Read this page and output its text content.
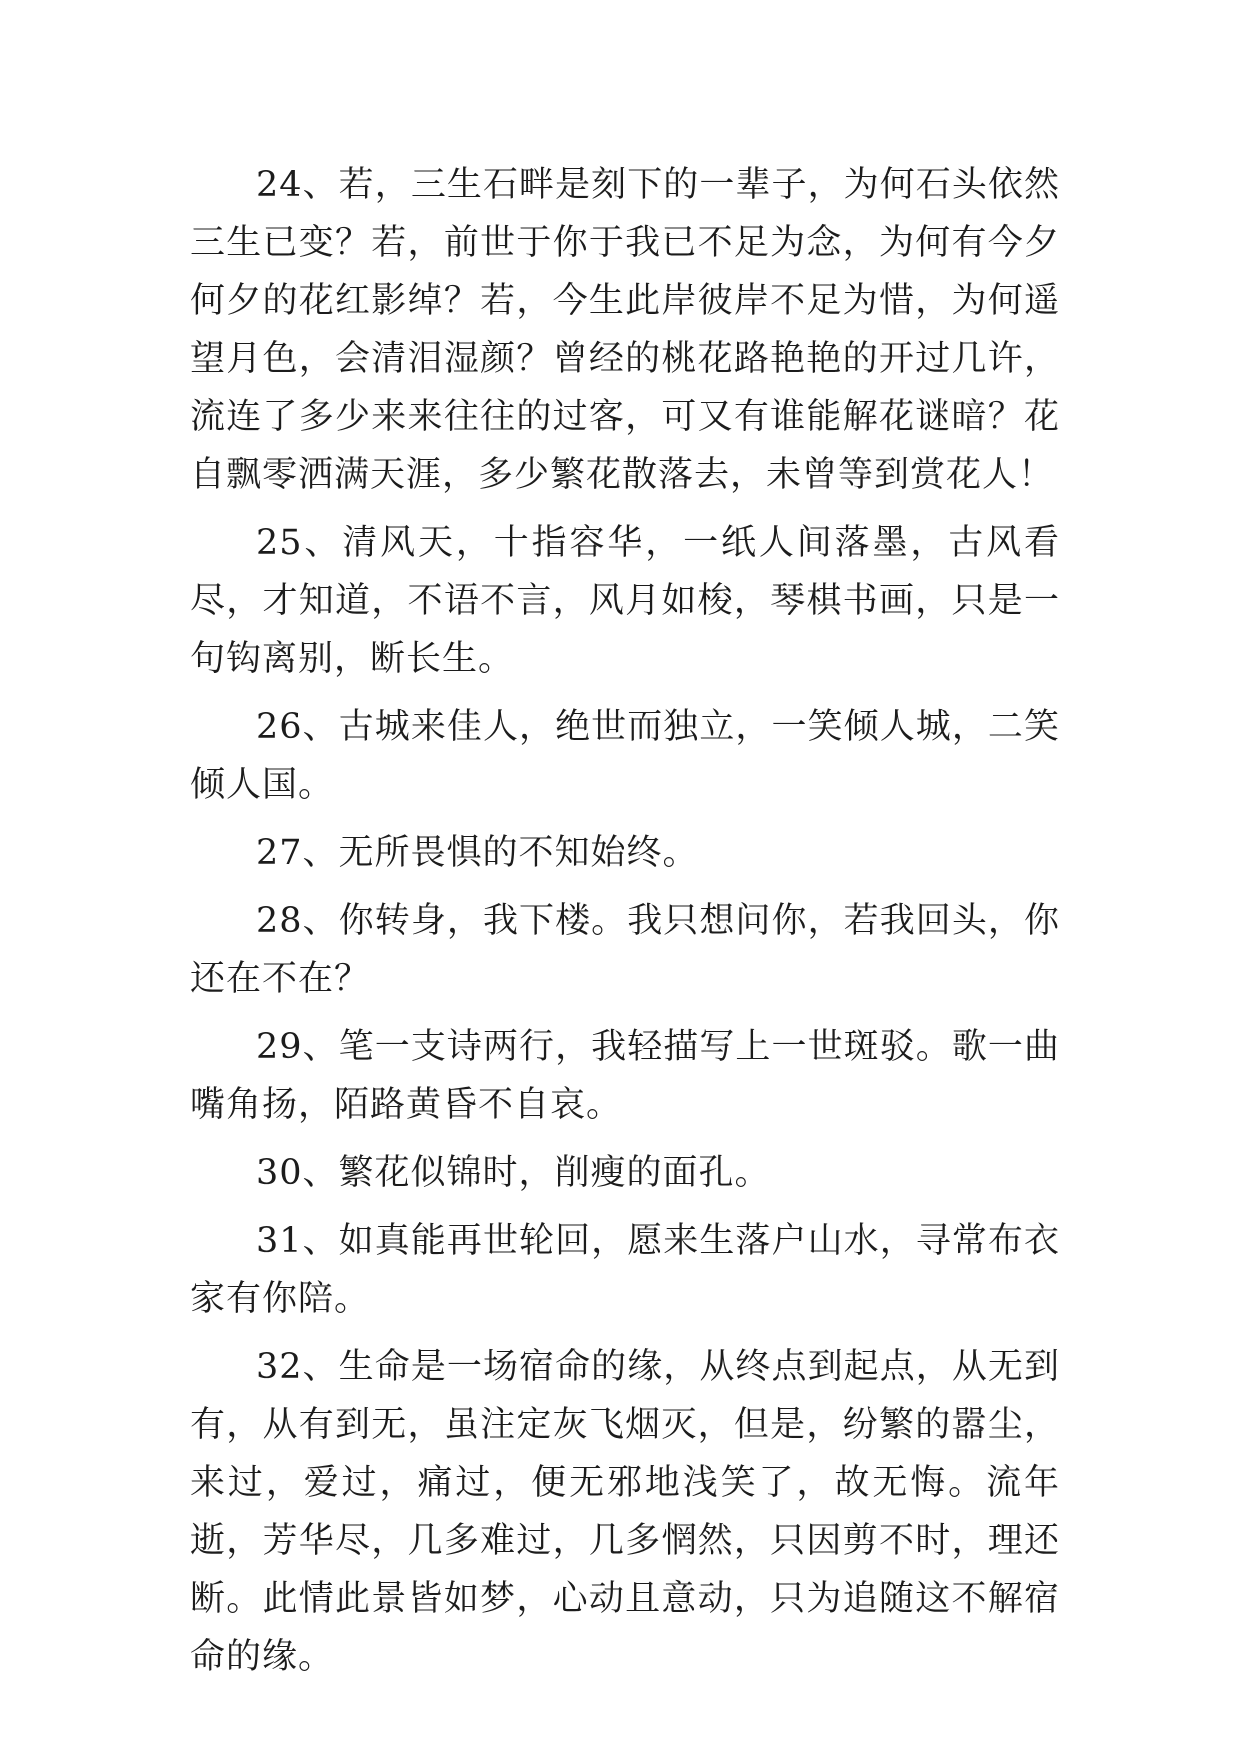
24、若，三生石畔是刻下的一辈子，为何石头依然三生已变？若，前世于你于我已不足为念，为何有今夕何夕的花红影绰？若，今生此岸彼岸不足为惜，为何遥望月色，会清泪湿颜？曾经的桃花路艳艳的开过几许，流连了多少来来往往的过客，可又有谁能解花谜暗？花自飘零洒满天涯，多少繁花散落去，未曾等到赏花人！

25、清风天，十指容华，一纸人间落墨，古风看尽，才知道，不语不言，风月如梭，琴棋书画，只是一句钩离别，断长生。

26、古城来佳人，绝世而独立，一笑倾人城，二笑倾人国。

27、无所畏惧的不知始终。

28、你转身，我下楼。我只想问你，若我回头，你还在不在？

29、笔一支诗两行，我轻描写上一世斑驳。歌一曲嘴角扬，陌路黄昏不自哀。

30、繁花似锦时，削瘦的面孔。

31、如真能再世轮回，愿来生落户山水，寻常布衣家有你陪。

32、生命是一场宿命的缘，从终点到起点，从无到有，从有到无，虽注定灰飞烟灭，但是，纷繁的嚣尘，来过，爱过，痛过，便无邪地浅笑了，故无悔。流年逝，芳华尽，几多难过，几多惘然，只因剪不时，理还断。此情此景皆如梦，心动且意动，只为追随这不解宿命的缘。
